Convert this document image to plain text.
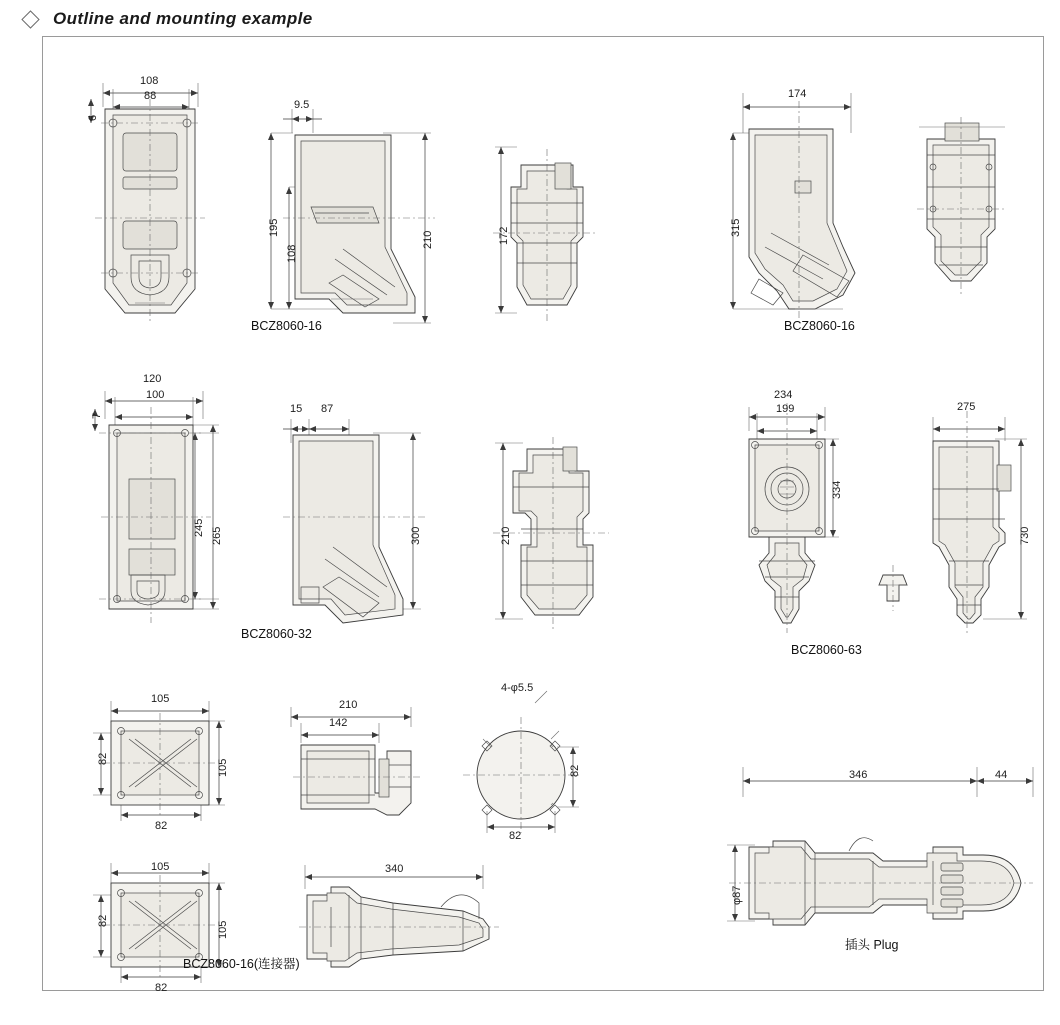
Outline and mounting example
108
88
6
9.5
195
108
210	172
174
315
BCZ8060-16	BCZ8060-16
120
100
7
245 265
15 87
300	210
234
199
334
275
730
BCZ8060-32
BCZ8060-63
105
105
82
82
210
142
4-φ5.5
82
82
346	44
φ87
105
105
82
82
340
BCZ8060-16(连接器)
插头 Plug
